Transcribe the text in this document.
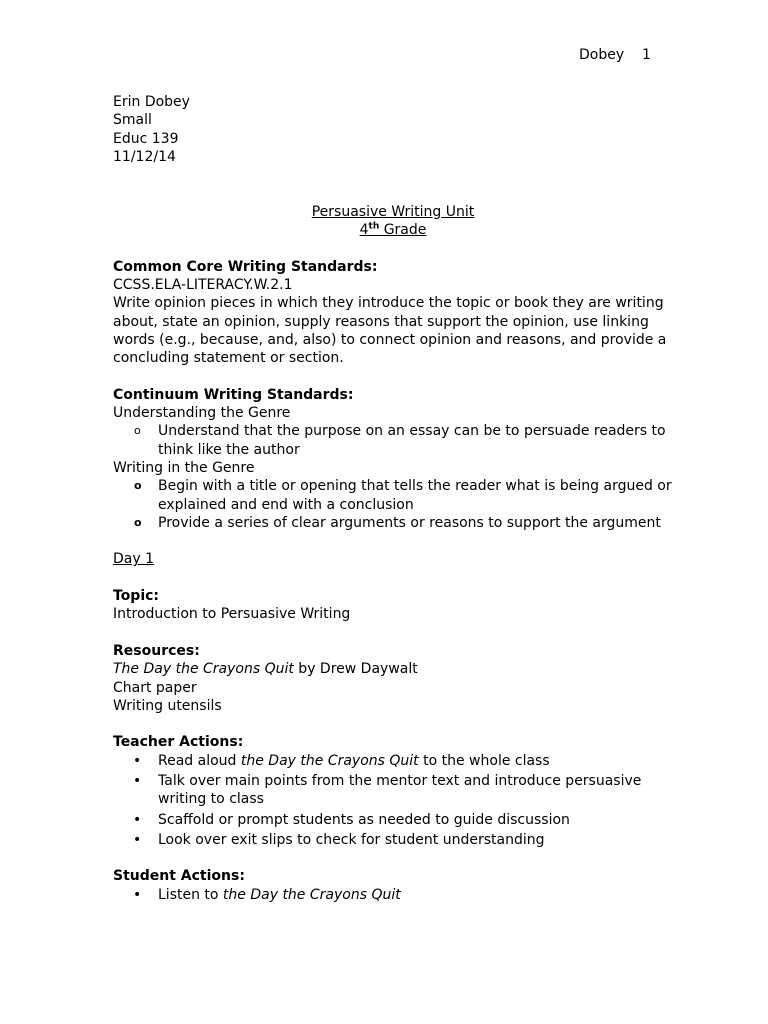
Dobey 1

Erin Dobey

Small

Educ 139

11/12/14

Persuasive Writing Unit

4th Grade

Common Core Writing Standards:

CCSS.ELA-LITERACY.W.2.1

Write opinion pieces in which they introduce the topic or book they are writing about, state an opinion, supply reasons that support the opinion, use linking words (e.g., because, and, also) to connect opinion and reasons, and provide a concluding statement or section.

Continuum Writing Standards:

Understanding the Genre

o Understand that the purpose on an essay can be to persuade readers to think like the author

Writing in the Genre

o Begin with a title or opening that tells the reader what is being argued or explained and end with a conclusion
o Provide a series of clear arguments or reasons to support the argument

Day 1

Topic:

Introduction to Persuasive Writing

Resources:

The Day the Crayons Quit by Drew Daywalt

Chart paper

Writing utensils

Teacher Actions:

• Read aloud the Day the Crayons Quit to the whole class
• Talk over main points from the mentor text and introduce persuasive writing to class
• Scaffold or prompt students as needed to guide discussion
• Look over exit slips to check for student understanding

Student Actions:

• Listen to the Day the Crayons Quit
